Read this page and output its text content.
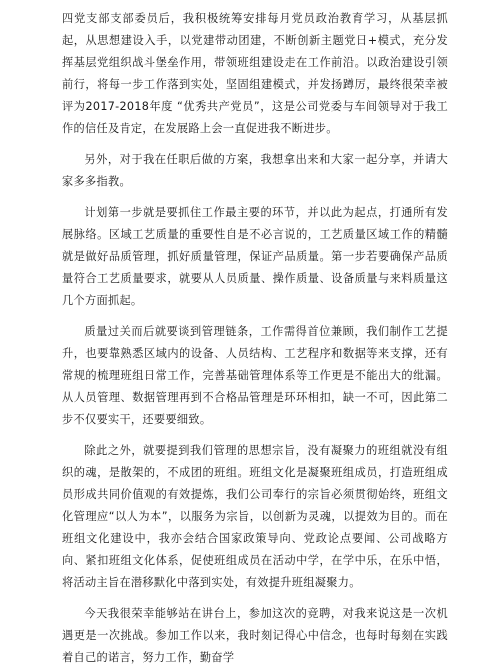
四党支部支部委员后，我积极统筹安排每月党员政治教育学习，从基层抓起，从思想建设入手，以党建带动团建，不断创新主题党日+模式，充分发挥基层党组织战斗堡垒作用，带领班组建设走在工作前沿。以政治建设引领前行，将每一步工作落到实处，坚固组建模式，并发扬蹲厉，最终很荣幸被评为2017-2018年度 “优秀共产党员”，这是公司党委与车间领导对于我工作的信任及肯定，在发展路上会一直促进我不断进步。

另外，对于我在任职后做的方案，我想拿出来和大家一起分享，并请大家多多指教。

计划第一步就是要抓住工作最主要的环节，并以此为起点，打通所有发展脉络。区域工艺质量的重要性自是不必言说的，工艺质量区域工作的精髓就是做好品质管理，抓好质量管理，保证产品质量。第一步若要确保产品质量符合工艺质量要求，就要从人员质量、操作质量、设备质量与来料质量这几个方面抓起。

质量过关而后就要谈到管理链条，工作需得首位兼顾，我们制作工艺提升，也要靠熟悉区域内的设备、人员结构、工艺程序和数据等来支撑，还有常规的梳理班组日常工作，完善基础管理体系等工作更是不能出大的纰漏。从人员管理、数据管理再到不合格品管理是环环相扣，缺一不可，因此第二步不仅要实干，还要要细致。

除此之外，就要提到我们管理的思想宗旨，没有凝聚力的班组就没有组织的魂，是散架的，不成团的班组。班组文化是凝聚班组成员，打造班组成员形成共同价值观的有效提炼，我们公司奉行的宗旨必须贯彻始终，班组文化管理应“以人为本”，以服务为宗旨，以创新为灵魂，以提效为目的。而在班组文化建设中，我亦会结合国家政策导向、党政论点要闻、公司战略方向、紧扣班组文化体系，促使班组成员在活动中学，在学中乐，在乐中悟，将活动主旨在潜移默化中落到实处，有效提升班组凝聚力。

今天我很荣幸能够站在讲台上，参加这次的竞聘，对我来说这是一次机遇更是一次挑战。参加工作以来，我时刻记得心中信念，也每时每刻在实践着自己的诺言，努力工作，勤奋学
